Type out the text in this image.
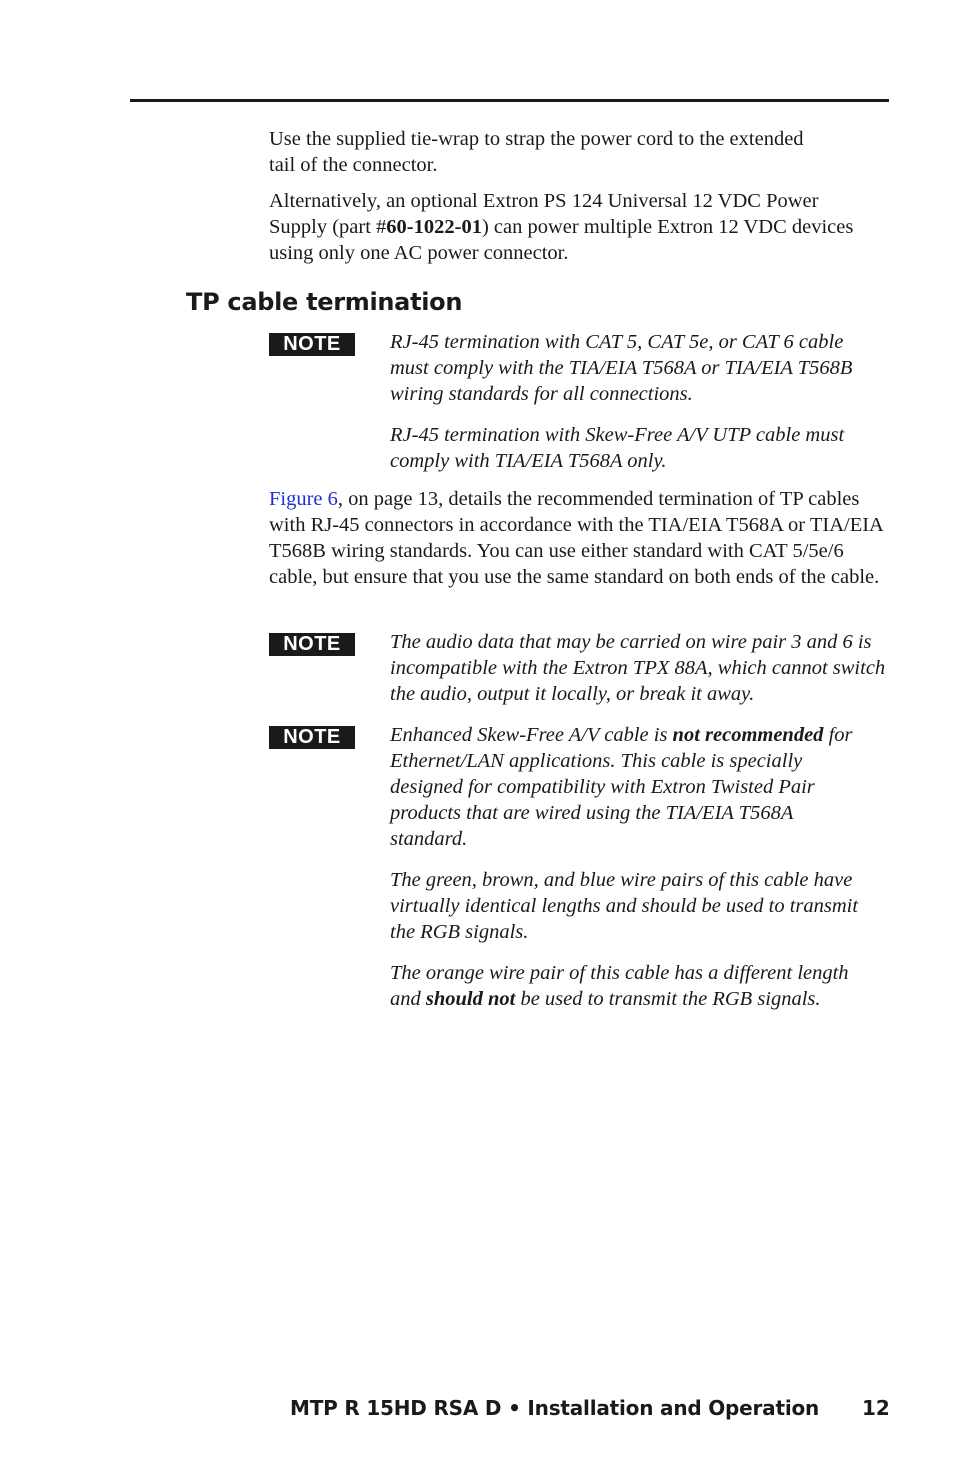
Use the supplied tie-wrap to strap the power cord to the extended tail of the connector.

Alternatively, an optional Extron PS 124 Universal 12 VDC Power Supply (part #60-1022-01) can power multiple Extron 12 VDC devices using only one AC power connector.

TP cable termination
NOTE	RJ-45 termination with CAT 5, CAT 5e, or CAT 6 cable must comply with the TIA/EIA T568A or TIA/EIA T568B wiring standards for all connections.

RJ-45 termination with Skew-Free A/V UTP cable must comply with TIA/EIA T568A only.

Figure 6, on page 13, details the recommended termination of TP cables with RJ-45 connectors in accordance with the TIA/EIA T568A or TIA/EIA T568B wiring standards. You can use either standard with CAT 5/5e/6 cable, but ensure that you use the same standard on both ends of the cable.

NOTE	The audio data that may be carried on wire pair 3 and 6 is incompatible with the Extron TPX 88A, which cannot switch the audio, output it locally, or break it away.

NOTE	Enhanced Skew-Free A/V cable is not recommended for Ethernet/LAN applications. This cable is specially designed for compatibility with Extron Twisted Pair products that are wired using the TIA/EIA T568A standard.

The green, brown, and blue wire pairs of this cable have virtually identical lengths and should be used to transmit the RGB signals.

The orange wire pair of this cable has a different length and should not be used to transmit the RGB signals.

MTP R 15HD RSA D • Installation and Operation 12
